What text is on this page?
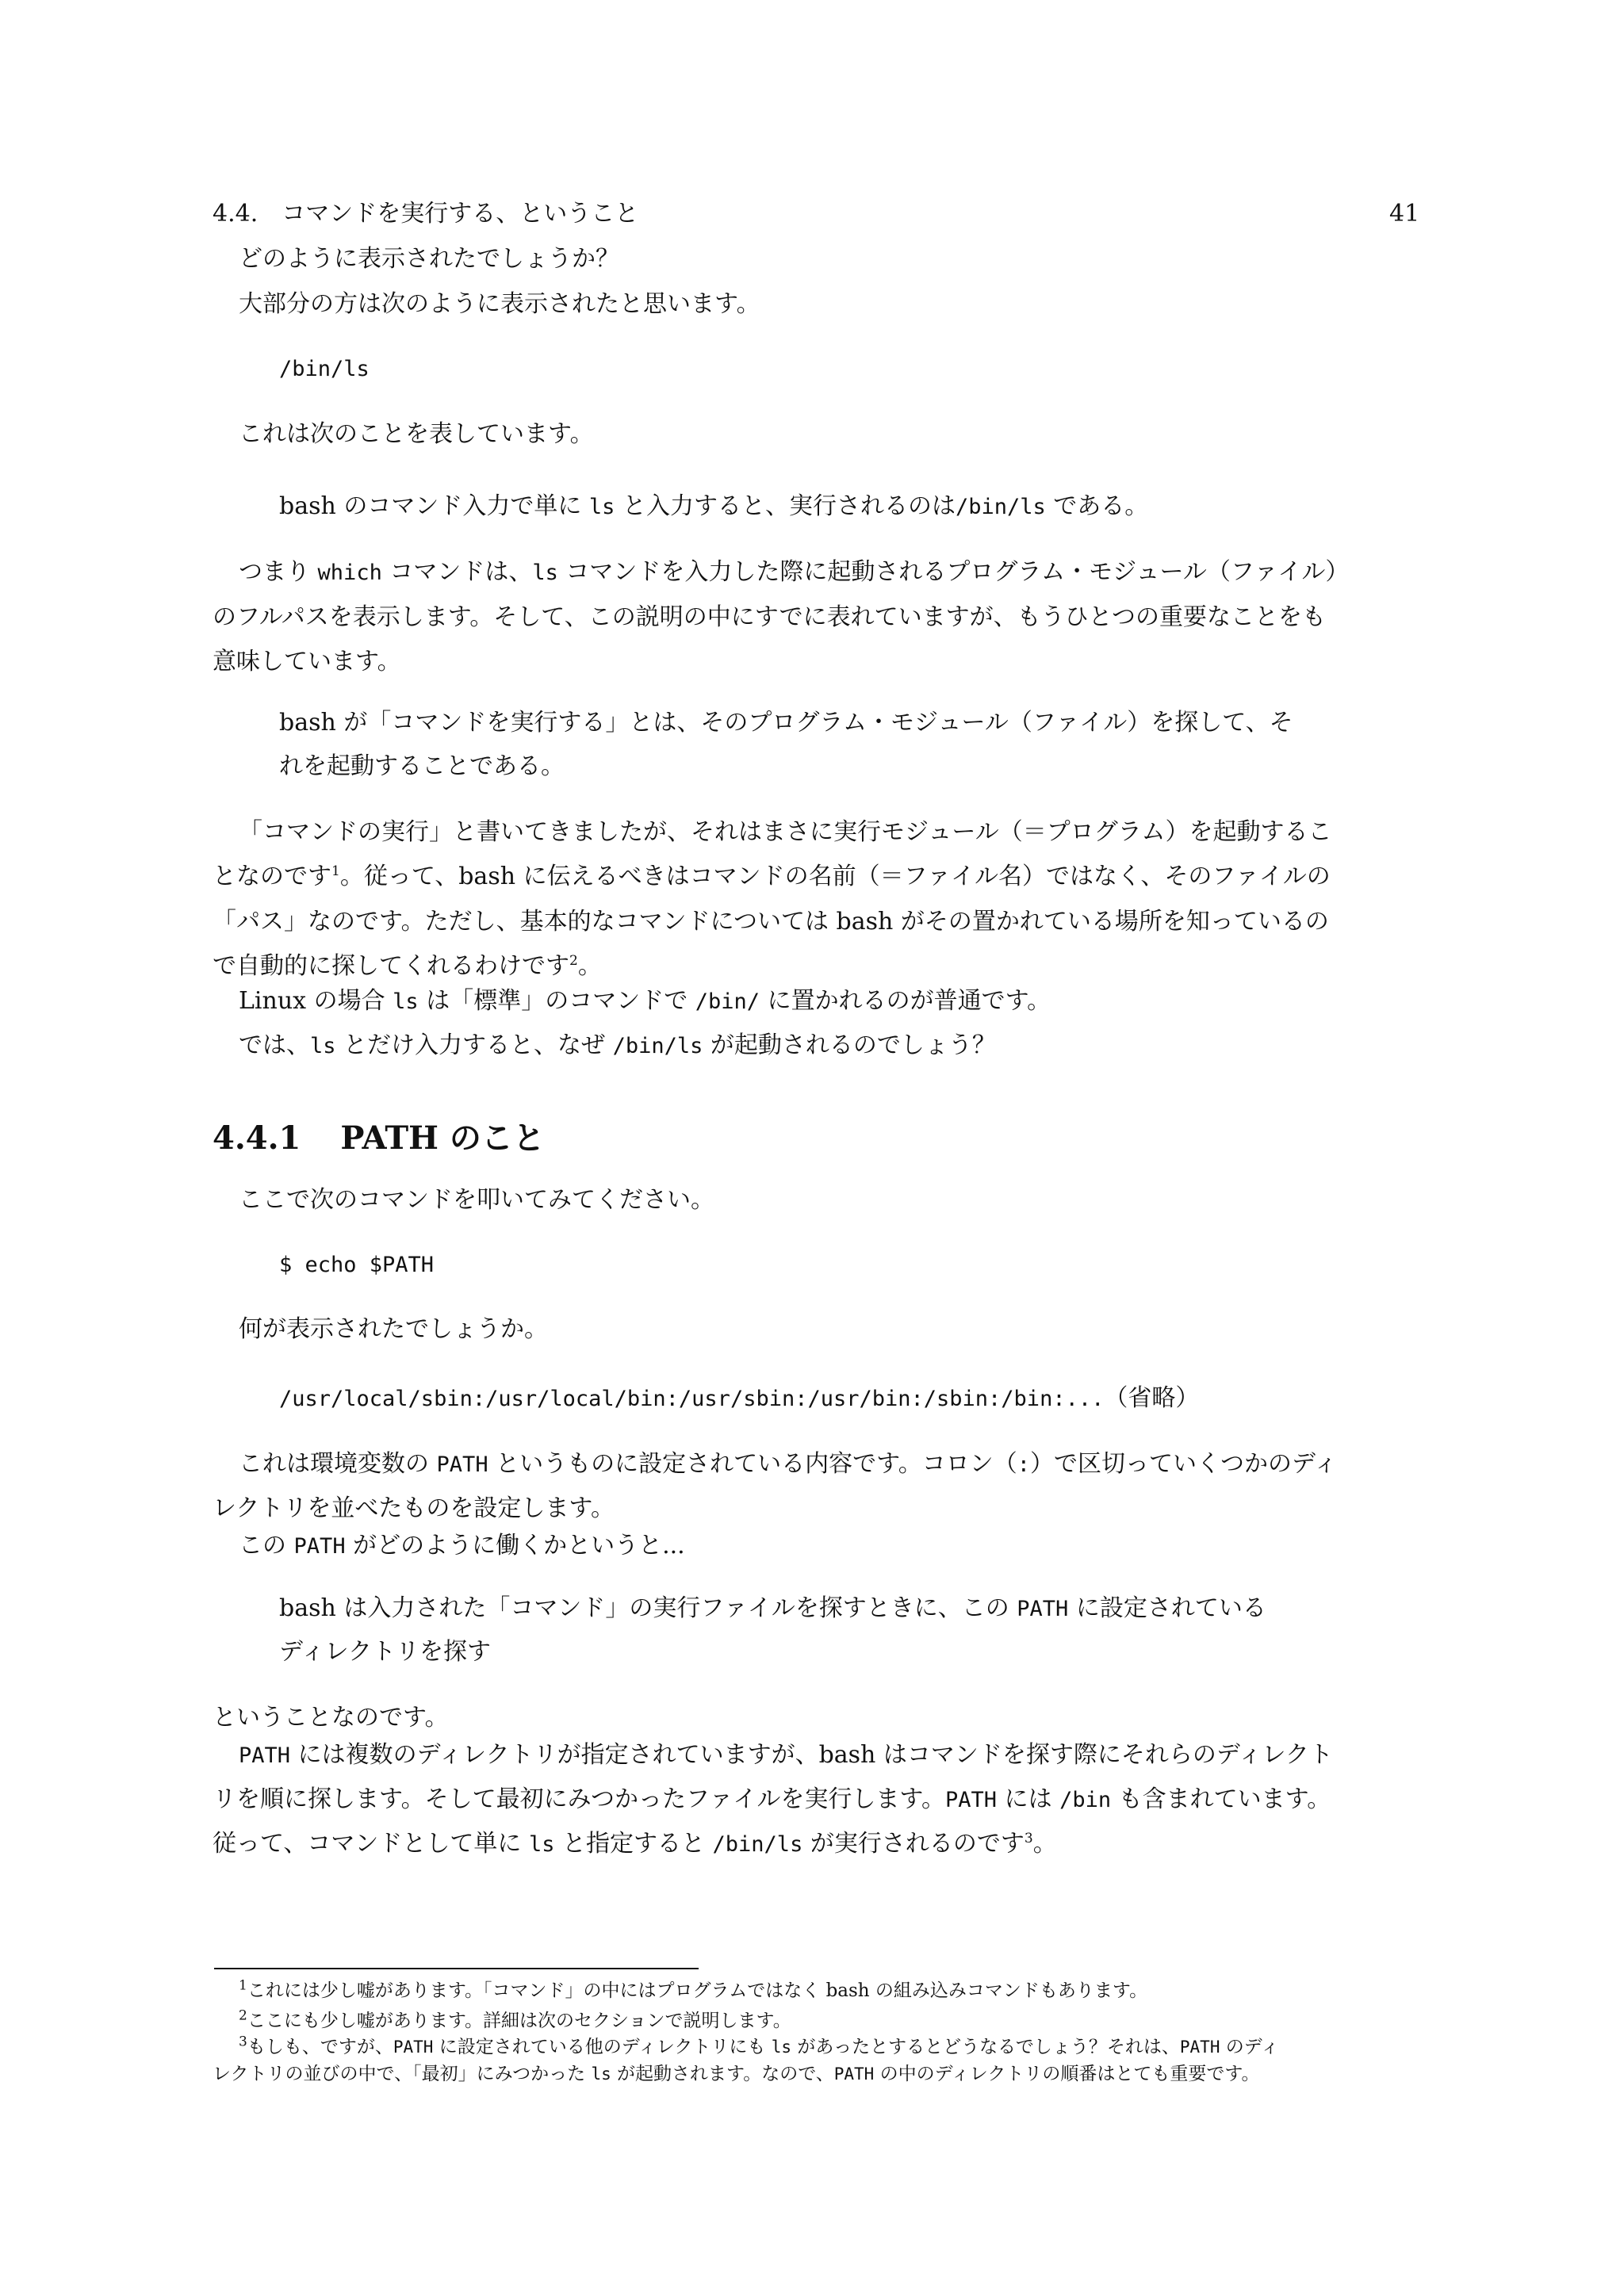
4.4.　コマンドを実行する、ということ	41
どのように表示されたでしょうか？
大部分の方は次のように表示されたと思います。
/bin/ls
これは次のことを表しています。
bash のコマンド入力で単に ls と入力すると、実行されるのは/bin/ls である。
つまり which コマンドは、ls コマンドを入力した際に起動されるプログラム・モジュール（ファイル）
のフルパスを表示します。そして、この説明の中にすでに表れていますが、もうひとつの重要なことをも
意味しています。
bash が「コマンドを実行する」とは、そのプログラム・モジュール（ファイル）を探して、そ
れを起動することである。
「コマンドの実行」と書いてきましたが、それはまさに実行モジュール（＝プログラム）を起動するこ
となのです$^1$。従って、bash に伝えるべきはコマンドの名前（＝ファイル名）ではなく、そのファイルの
「パス」なのです。ただし、基本的なコマンドについては bash がその置かれている場所を知っているの
で自動的に探してくれるわけです$^2$。
Linux の場合 ls は「標準」のコマンドで /bin/ に置かれるのが普通です。
では、ls とだけ入力すると、なぜ /bin/ls が起動されるのでしょう？
4.4.1 PATH のこと
ここで次のコマンドを叩いてみてください。
$ echo $PATH
何が表示されたでしょうか。
/usr/local/sbin:/usr/local/bin:/usr/sbin:/usr/bin:/sbin:/bin:...（省略）
これは環境変数の PATH というものに設定されている内容です。コロン（:）で区切っていくつかのディ
レクトリを並べたものを設定します。
この PATH がどのように働くかというと...
bash は入力された「コマンド」の実行ファイルを探すときに、この PATH に設定されている
ディレクトリを探す
ということなのです。
PATH には複数のディレクトリが指定されていますが、bash はコマンドを探す際にそれらのディレクト
リを順に探します。そして最初にみつかったファイルを実行します。PATH には /bin も含まれています。
従って、コマンドとして単に ls と指定すると /bin/ls が実行されるのです$^3$。
$^1$これには少し嘘があります。「コマンド」の中にはプログラムではなく bash の組み込みコマンドもあります。
$^2$ここにも少し嘘があります。詳細は次のセクションで説明します。
$^3$もしも、ですが、PATH に設定されている他のディレクトリにも ls があったとするとどうなるでしょう？それは、PATH のディ
レクトリの並びの中で、「最初」にみつかった ls が起動されます。なので、PATH の中のディレクトリの順番はとても重要です。
